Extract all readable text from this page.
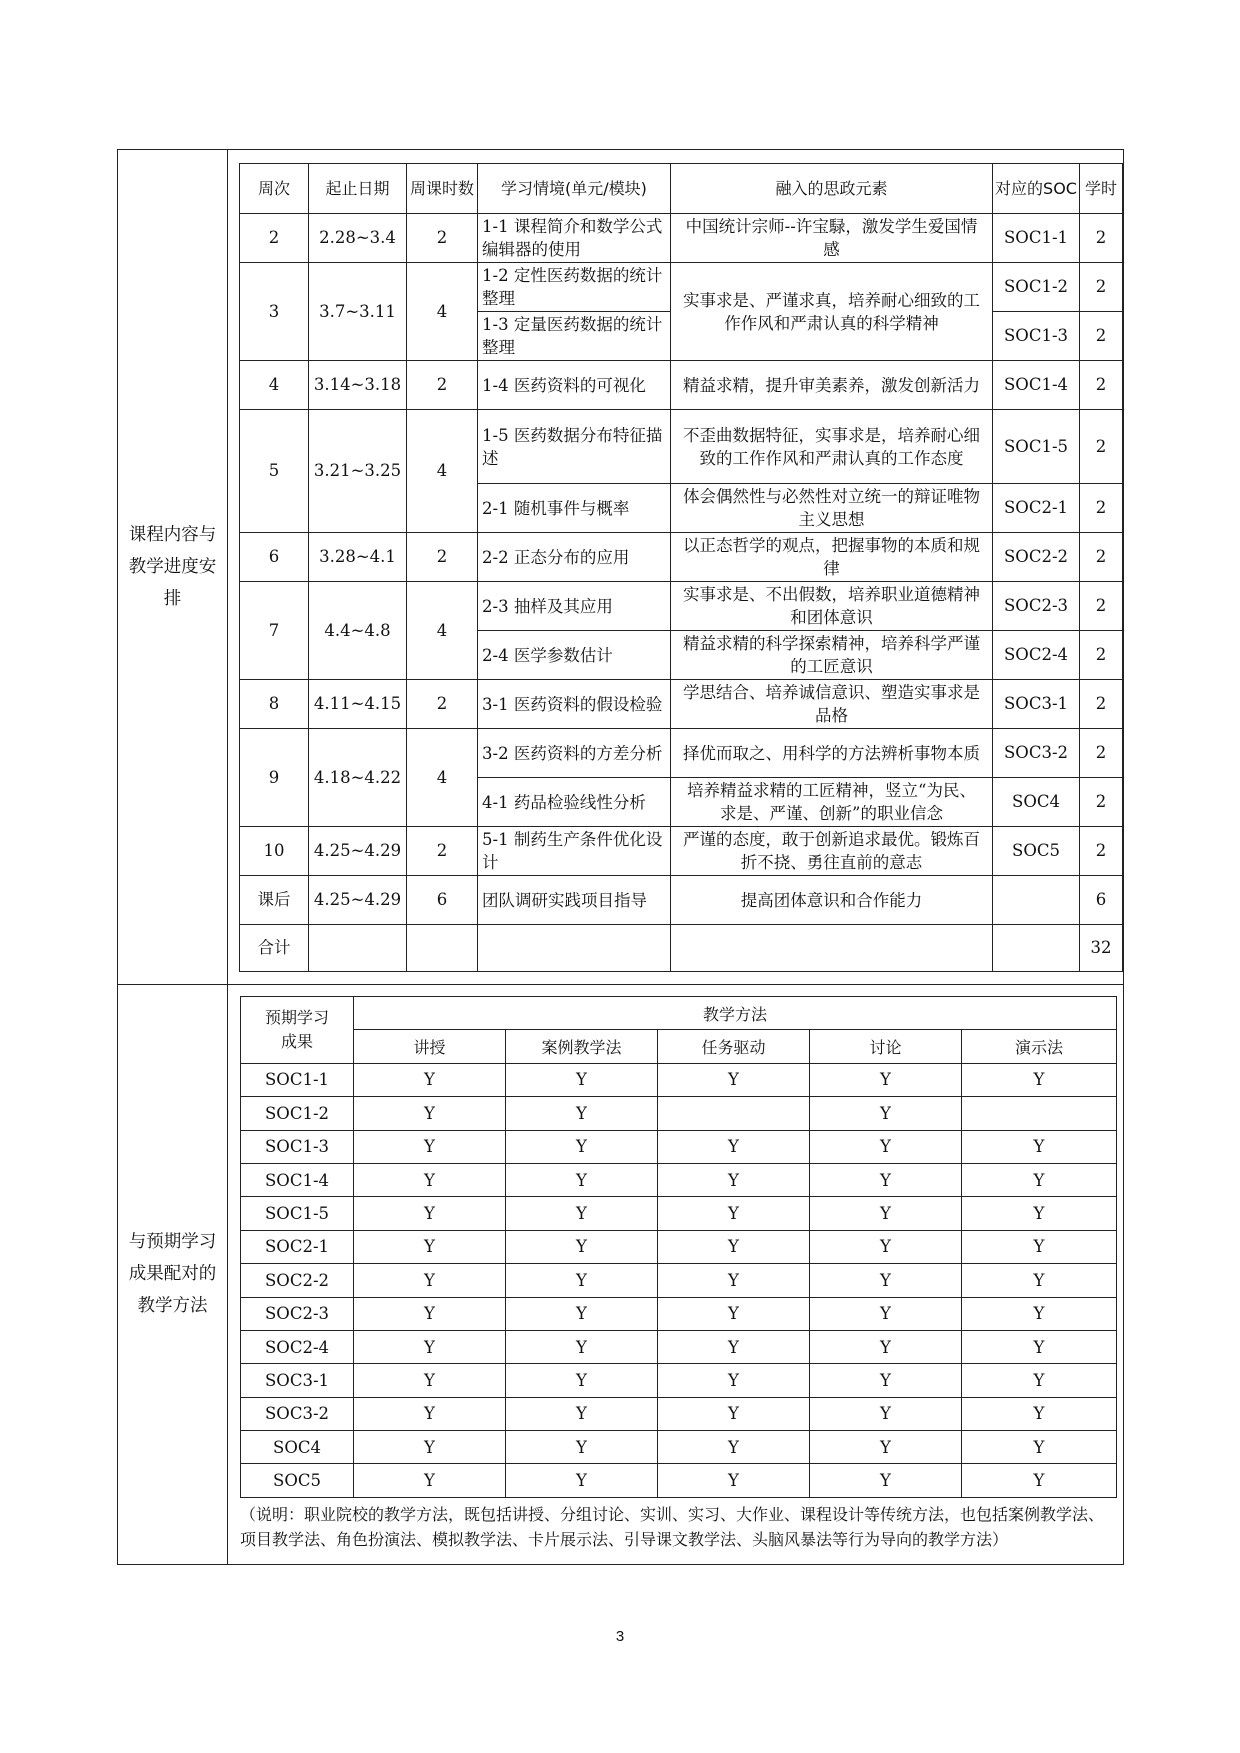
课程内容与教学进度安排

周次	起止日期	周课时数	学习情境(单元/模块)	融入的思政元素	对应的SOC	学时
2	2.28~3.4	2	1-1 课程简介和数学公式编辑器的使用	中国统计宗师--许宝騄，激发学生爱国情感	SOC1-1	2
3	3.7~3.11	4	1-2 定性医药数据的统计整理	实事求是、严谨求真，培养耐心细致的工作作风和严肃认真的科学精神	SOC1-2	2
1-3 定量医药数据的统计整理	SOC1-3	2
4	3.14~3.18	2	1-4 医药资料的可视化	精益求精，提升审美素养，激发创新活力	SOC1-4	2
5	3.21~3.25	4	1-5 医药数据分布特征描述	不歪曲数据特征，实事求是，培养耐心细致的工作作风和严肃认真的工作态度	SOC1-5	2
2-1 随机事件与概率	体会偶然性与必然性对立统一的辩证唯物主义思想	SOC2-1	2
6	3.28~4.1	2	2-2 正态分布的应用	以正态哲学的观点，把握事物的本质和规律	SOC2-2	2
7	4.4~4.8	4	2-3 抽样及其应用	实事求是、不出假数，培养职业道德精神和团体意识	SOC2-3	2
2-4 医学参数估计	精益求精的科学探索精神，培养科学严谨的工匠意识	SOC2-4	2
8	4.11~4.15	2	3-1 医药资料的假设检验	学思结合、培养诚信意识、塑造实事求是品格	SOC3-1	2
9	4.18~4.22	4	3-2 医药资料的方差分析	择优而取之、用科学的方法辨析事物本质	SOC3-2	2
4-1 药品检验线性分析	培养精益求精的工匠精神，竖立“为民、求是、严谨、创新”的职业信念	SOC4	2
10	4.25~4.29	2	5-1 制药生产条件优化设计	严谨的态度，敢于创新追求最优。锻炼百折不挠、勇往直前的意志	SOC5	2
课后	4.25~4.29	6	团队调研实践项目指导	提高团体意识和合作能力		6
合计						32

与预期学习成果配对的教学方法

预期学习成果	教学方法
讲授	案例教学法	任务驱动	讨论	演示法
SOC1-1	Y	Y	Y	Y	Y
SOC1-2	Y	Y		Y	
SOC1-3	Y	Y	Y	Y	Y
SOC1-4	Y	Y	Y	Y	Y
SOC1-5	Y	Y	Y	Y	Y
SOC2-1	Y	Y	Y	Y	Y
SOC2-2	Y	Y	Y	Y	Y
SOC2-3	Y	Y	Y	Y	Y
SOC2-4	Y	Y	Y	Y	Y
SOC3-1	Y	Y	Y	Y	Y
SOC3-2	Y	Y	Y	Y	Y
SOC4	Y	Y	Y	Y	Y
SOC5	Y	Y	Y	Y	Y
（说明：职业院校的教学方法，既包括讲授、分组讨论、实训、实习、大作业、课程设计等传统方法，也包括案例教学法、项目教学法、角色扮演法、模拟教学法、卡片展示法、引导课文教学法、头脑风暴法等行为导向的教学方法）
3
